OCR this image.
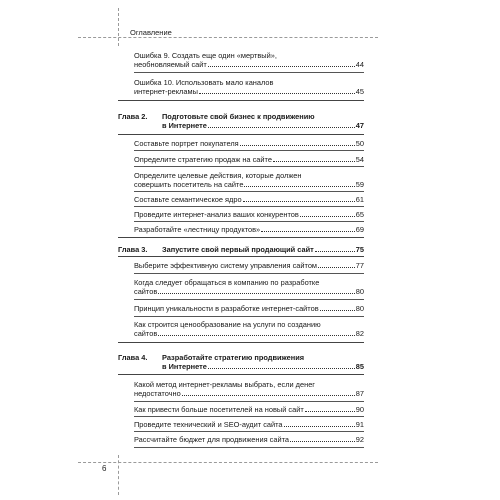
Оглавление
Ошибка 9. Создать еще один «мертвый»,
необновляемый сайт	44
Ошибка 10. Использовать мало каналов
интернет-рекламы	45
Глава 2. Подготовьте свой бизнес к продвижению
в Интернете	47
Составьте портрет покупателя	50
Определите стратегию продаж на сайте	54
Определите целевые действия, которые должен
совершить посетитель на сайте	59
Составьте семантическое ядро	61
Проведите интернет-анализ ваших конкурентов	65
Разработайте «лестницу продуктов»	69
Глава 3.	Запустите свой первый продающий сайт	75
Выберите эффективную систему управления сайтом	77
Когда следует обращаться в компанию по разработке
сайтов	80
Принцип уникальности в разработке интернет-сайтов	80
Как строится ценообразование на услуги по созданию
сайтов	82
Глава 4. Разработайте стратегию продвижения
в Интернете	85
Какой метод интернет-рекламы выбрать, если денег
недостаточно	87
Как привести больше посетителей на новый сайт	90
Проведите технический и SEO-аудит сайта	91
Рассчитайте бюджет для продвижения сайта	92
6
